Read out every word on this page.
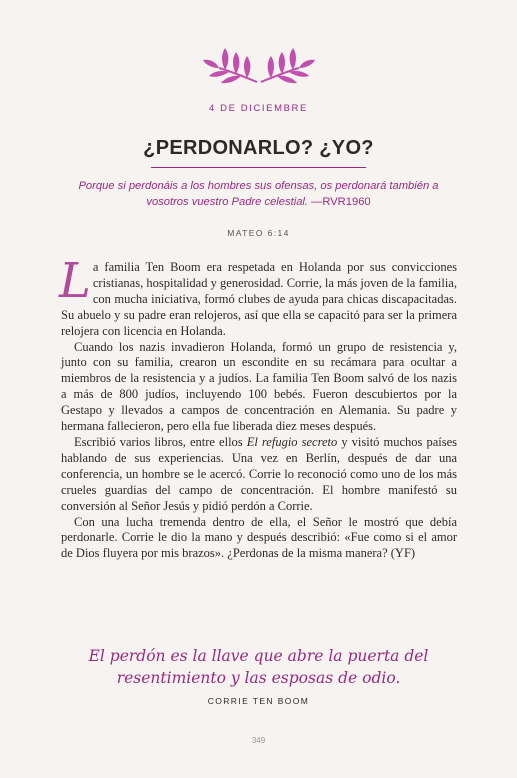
4 DE DICIEMBRE
¿PERDONARLO? ¿YO?
Porque si perdonáis a los hombres sus ofensas, os perdonará también a vosotros vuestro Padre celestial. —RVR1960
MATEO 6:14

La familia Ten Boom era respetada en Holanda por sus convicciones cristianas, hospitalidad y generosidad. Corrie, la más joven de la familia, con mucha iniciativa, formó clubes de ayuda para chicas discapacitadas. Su abuelo y su padre eran relojeros, así que ella se capacitó para ser la primera relojera con licencia en Holanda.

Cuando los nazis invadieron Holanda, formó un grupo de resistencia y, junto con su familia, crearon un escondite en su recámara para ocultar a miembros de la resistencia y a judíos. La familia Ten Boom salvó de los nazis a más de 800 judíos, incluyendo 100 bebés. Fueron descubiertos por la Gestapo y llevados a campos de concentración en Alemania. Su padre y hermana fallecieron, pero ella fue liberada diez meses después.

Escribió varios libros, entre ellos El refugio secreto y visitó muchos países hablando de sus experiencias. Una vez en Berlín, después de dar una conferencia, un hombre se le acercó. Corrie lo reconoció como uno de los más crueles guardias del campo de concentración. El hombre manifestó su conversión al Señor Jesús y pidió perdón a Corrie.

Con una lucha tremenda dentro de ella, el Señor le mostró que debía perdonarle. Corrie le dio la mano y después describió: «Fue como si el amor de Dios fluyera por mis brazos». ¿Perdonas de la misma manera? (YF)

El perdón es la llave que abre la puerta del
resentimiento y las esposas de odio.
CORRIE TEN BOOM
349
